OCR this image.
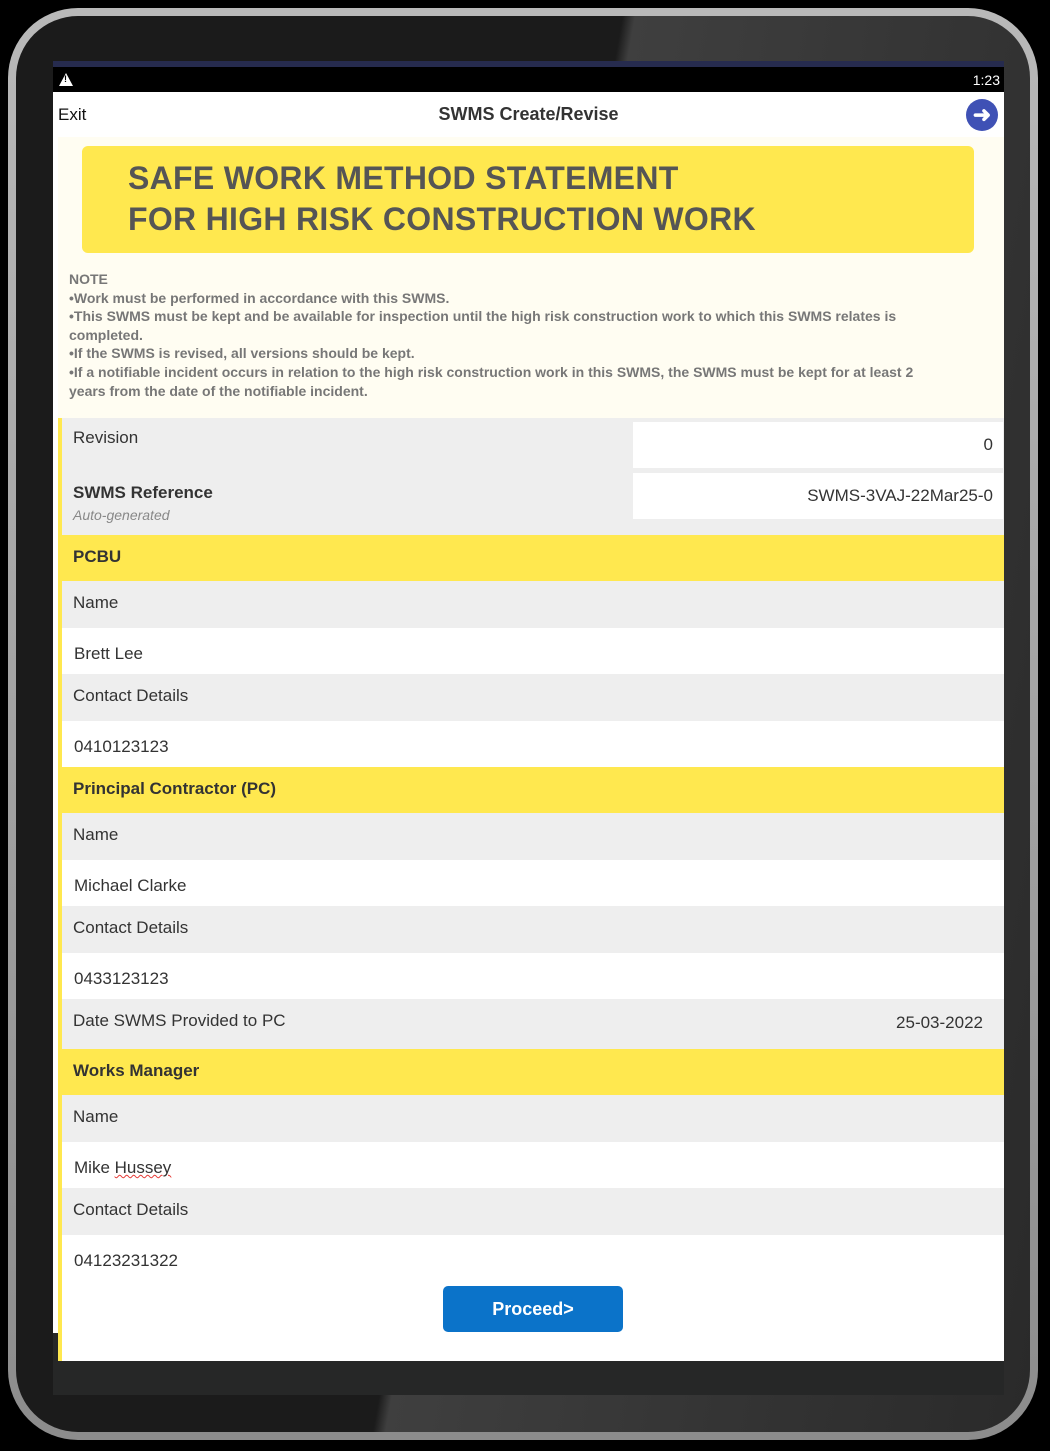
!
1:23
Exit	SWMS Create/Revise	➜
SAFE WORK METHOD STATEMENT
FOR HIGH RISK CONSTRUCTION WORK
NOTE
•Work must be performed in accordance with this SWMS.
•This SWMS must be kept and be available for inspection until the high risk construction work to which this SWMS relates is completed.
•If the SWMS is revised, all versions should be kept.
•If a notifiable incident occurs in relation to the high risk construction work in this SWMS, the SWMS must be kept for at least 2 years from the date of the notifiable incident.
Revision	0
SWMS Reference
Auto-generated
SWMS-3VAJ-22Mar25-0
PCBU
Name
Brett Lee
Contact Details
0410123123
Principal Contractor (PC)
Name
Michael Clarke
Contact Details
0433123123
Date SWMS Provided to PC	25-03-2022
Works Manager
Name
Mike Hussey
Contact Details
04123231322
Proceed>
